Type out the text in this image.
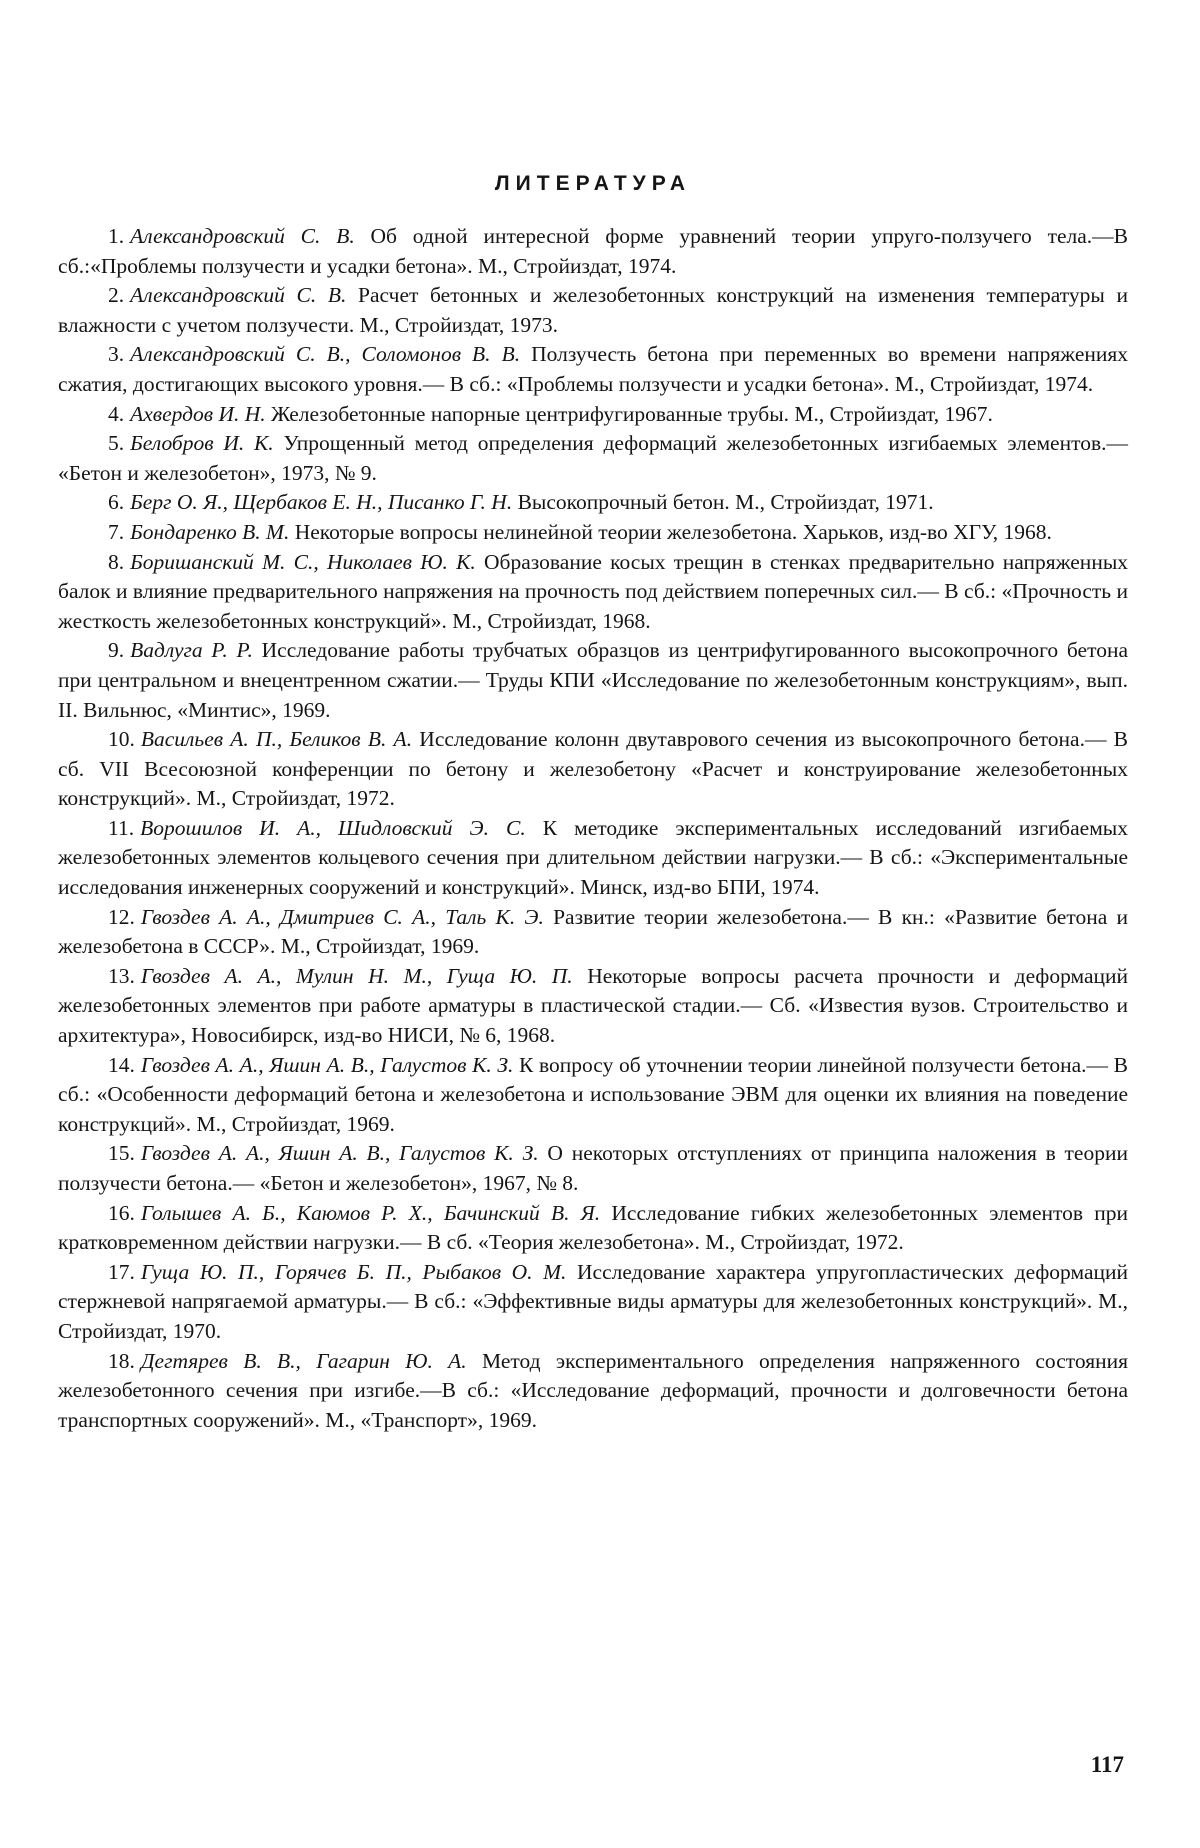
ЛИТЕРАТУРА

1. Александровский С. В. Об одной интересной форме уравнений теории упруго-ползучего тела.—В сб.:«Проблемы ползучести и усадки бетона». М., Стройиздат, 1974.

2. Александровский С. В. Расчет бетонных и железобетонных конструкций на изменения температуры и влажности с учетом ползучести. М., Стройиздат, 1973.

3. Александровский С. В., Соломонов В. В. Ползучесть бетона при переменных во времени напряжениях сжатия, достигающих высокого уровня.— В сб.: «Проблемы ползучести и усадки бетона». М., Стройиздат, 1974.

4. Ахвердов И. Н. Железобетонные напорные центрифугированные трубы. М., Стройиздат, 1967.

5. Белобров И. К. Упрощенный метод определения деформаций железобетонных изгибаемых элементов.— «Бетон и железобетон», 1973, № 9.

6. Берг О. Я., Щербаков Е. Н., Писанко Г. Н. Высокопрочный бетон. М., Стройиздат, 1971.

7. Бондаренко В. М. Некоторые вопросы нелинейной теории железобетона. Харьков, изд-во ХГУ, 1968.

8. Боришанский М. С., Николаев Ю. К. Образование косых трещин в стенках предварительно напряженных балок и влияние предварительного напряжения на прочность под действием поперечных сил.— В сб.: «Прочность и жесткость железобетонных конструкций». М., Стройиздат, 1968.

9. Вадлуга Р. Р. Исследование работы трубчатых образцов из центрифугированного высокопрочного бетона при центральном и внецентренном сжатии.— Труды КПИ «Исследование по железобетонным конструкциям», вып. II. Вильнюс, «Минтис», 1969.

10. Васильев А. П., Беликов В. А. Исследование колонн двутаврового сечения из высокопрочного бетона.— В сб. VII Всесоюзной конференции по бетону и железобетону «Расчет и конструирование железобетонных конструкций». М., Стройиздат, 1972.

11. Ворошилов И. А., Шидловский Э. С. К методике экспериментальных исследований изгибаемых железобетонных элементов кольцевого сечения при длительном действии нагрузки.— В сб.: «Экспериментальные исследования инженерных сооружений и конструкций». Минск, изд-во БПИ, 1974.

12. Гвоздев А. А., Дмитриев С. А., Таль К. Э. Развитие теории железобетона.— В кн.: «Развитие бетона и железобетона в СССР». М., Стройиздат, 1969.

13. Гвоздев А. А., Мулин Н. М., Гуща Ю. П. Некоторые вопросы расчета прочности и деформаций железобетонных элементов при работе арматуры в пластической стадии.— Сб. «Известия вузов. Строительство и архитектура», Новосибирск, изд-во НИСИ, № 6, 1968.

14. Гвоздев А. А., Яшин А. В., Галустов К. З. К вопросу об уточнении теории линейной ползучести бетона.— В сб.: «Особенности деформаций бетона и железобетона и использование ЭВМ для оценки их влияния на поведение конструкций». М., Стройиздат, 1969.

15. Гвоздев А. А., Яшин А. В., Галустов К. З. О некоторых отступлениях от принципа наложения в теории ползучести бетона.— «Бетон и железобетон», 1967, № 8.

16. Голышев А. Б., Каюмов Р. Х., Бачинский В. Я. Исследование гибких железобетонных элементов при кратковременном действии нагрузки.— В сб. «Теория железобетона». М., Стройиздат, 1972.

17. Гуща Ю. П., Горячев Б. П., Рыбаков О. М. Исследование характера упругопластических деформаций стержневой напрягаемой арматуры.— В сб.: «Эффективные виды арматуры для железобетонных конструкций». М., Стройиздат, 1970.

18. Дегтярев В. В., Гагарин Ю. А. Метод экспериментального определения напряженного состояния железобетонного сечения при изгибе.—В сб.: «Исследование деформаций, прочности и долговечности бетона транспортных сооружений». М., «Транспорт», 1969.

117
